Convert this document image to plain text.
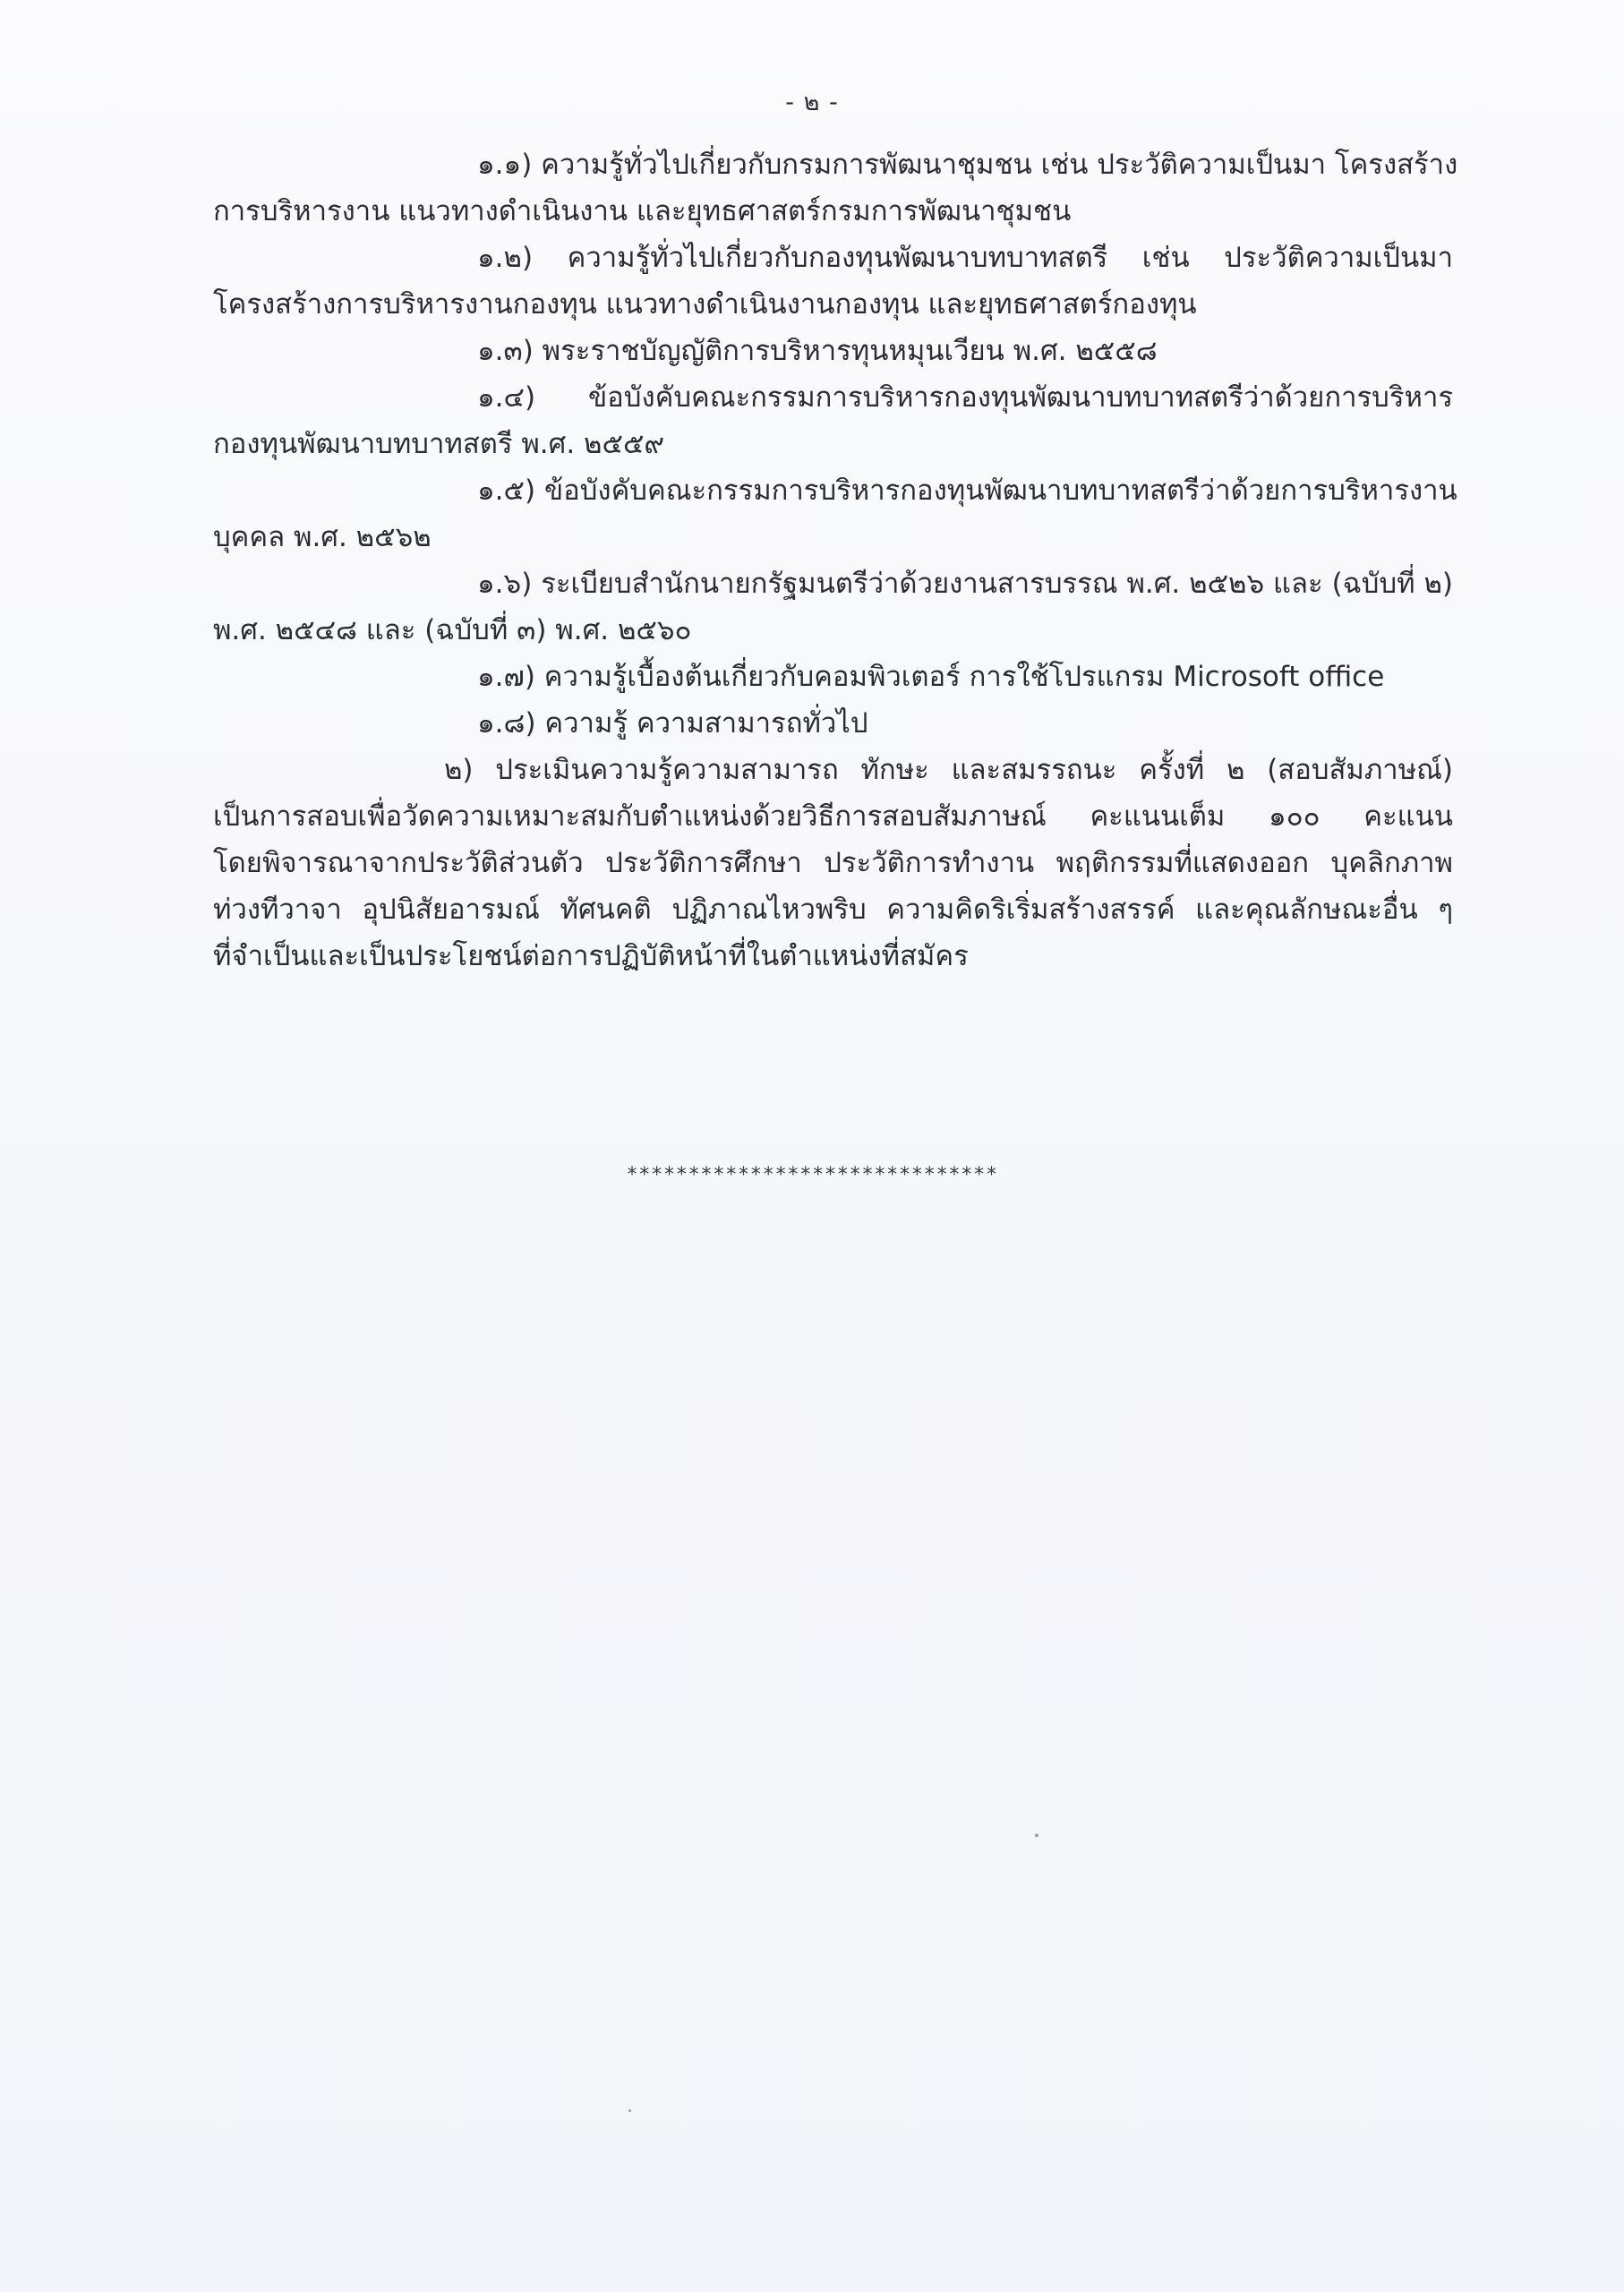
- ๒ -

๑.๑) ความรู้ทั่วไปเกี่ยวกับกรมการพัฒนาชุมชน เช่น ประวัติความเป็นมา โครงสร้าง

การบริหารงาน แนวทางดำเนินงาน และยุทธศาสตร์กรมการพัฒนาชุมชน

๑.๒) ความรู้ทั่วไปเกี่ยวกับกองทุนพัฒนาบทบาทสตรี เช่น ประวัติความเป็นมา

โครงสร้างการบริหารงานกองทุน แนวทางดำเนินงานกองทุน และยุทธศาสตร์กองทุน

๑.๓) พระราชบัญญัติการบริหารทุนหมุนเวียน พ.ศ. ๒๕๕๘

๑.๔) ข้อบังคับคณะกรรมการบริหารกองทุนพัฒนาบทบาทสตรีว่าด้วยการบริหาร

กองทุนพัฒนาบทบาทสตรี พ.ศ. ๒๕๕๙

๑.๕) ข้อบังคับคณะกรรมการบริหารกองทุนพัฒนาบทบาทสตรีว่าด้วยการบริหารงาน

บุคคล พ.ศ. ๒๕๖๒

๑.๖) ระเบียบสำนักนายกรัฐมนตรีว่าด้วยงานสารบรรณ พ.ศ. ๒๕๒๖ และ (ฉบับที่ ๒)

พ.ศ. ๒๕๔๘ และ (ฉบับที่ ๓) พ.ศ. ๒๕๖๐

๑.๗) ความรู้เบื้องต้นเกี่ยวกับคอมพิวเตอร์ การใช้โปรแกรม Microsoft office

๑.๘) ความรู้ ความสามารถทั่วไป

๒) ประเมินความรู้ความสามารถ ทักษะ และสมรรถนะ ครั้งที่ ๒ (สอบสัมภาษณ์)

เป็นการสอบเพื่อวัดความเหมาะสมกับตำแหน่งด้วยวิธีการสอบสัมภาษณ์ คะแนนเต็ม ๑๐๐ คะแนน

โดยพิจารณาจากประวัติส่วนตัว ประวัติการศึกษา ประวัติการทำงาน พฤติกรรมที่แสดงออก บุคลิกภาพ

ท่วงทีวาจา อุปนิสัยอารมณ์ ทัศนคติ ปฏิภาณไหวพริบ ความคิดริเริ่มสร้างสรรค์ และคุณลักษณะอื่น ๆ

ที่จำเป็นและเป็นประโยชน์ต่อการปฏิบัติหน้าที่ในตำแหน่งที่สมัคร

******************************
